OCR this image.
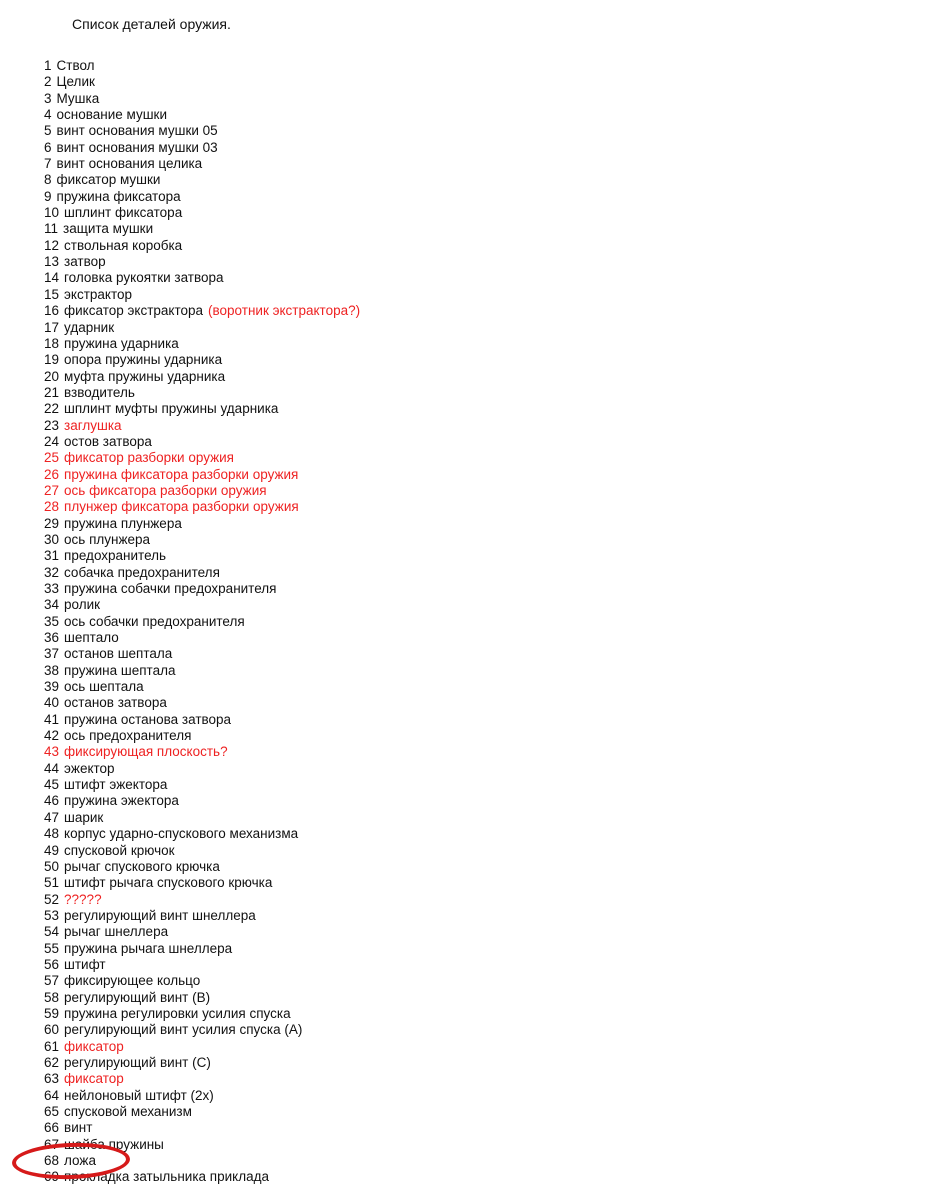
Список деталей оружия.
1 Ствол
2 Целик
3 Мушка
4 основание мушки
5 винт основания мушки 05
6 винт основания мушки 03
7 винт основания целика
8 фиксатор мушки
9 пружина фиксатора
10 шплинт фиксатора
11 защита мушки
12 ствольная коробка
13 затвор
14 головка рукоятки затвора
15 экстрактор
16 фиксатор экстрактора (воротник экстрактора?)
17 ударник
18 пружина ударника
19 опора пружины ударника
20 муфта пружины ударника
21 взводитель
22 шплинт муфты пружины ударника
23 заглушка
24 остов затвора
25 фиксатор разборки оружия
26 пружина фиксатора разборки оружия
27 ось фиксатора разборки оружия
28 плунжер фиксатора разборки оружия
29 пружина плунжера
30 ось плунжера
31 предохранитель
32 собачка предохранителя
33 пружина собачки предохранителя
34 ролик
35 ось собачки предохранителя
36 шептало
37 останов шептала
38 пружина шептала
39 ось шептала
40 останов затвора
41 пружина останова затвора
42 ось предохранителя
43 фиксирующая плоскость?
44 эжектор
45 штифт эжектора
46 пружина эжектора
47 шарик
48 корпус ударно-спускового механизма
49 спусковой крючок
50 рычаг спускового крючка
51 штифт рычага спускового крючка
52 ?????
53 регулирующий винт шнеллера
54 рычаг шнеллера
55 пружина рычага шнеллера
56 штифт
57 фиксирующее кольцо
58 регулирующий винт (B)
59 пружина регулировки усилия спуска
60 регулирующий винт усилия спуска (A)
61 фиксатор
62 регулирующий винт (C)
63 фиксатор
64 нейлоновый штифт (2x)
65 спусковой механизм
66 винт
67 шайба пружины
68 ложа
69 прокладка затыльника приклада
